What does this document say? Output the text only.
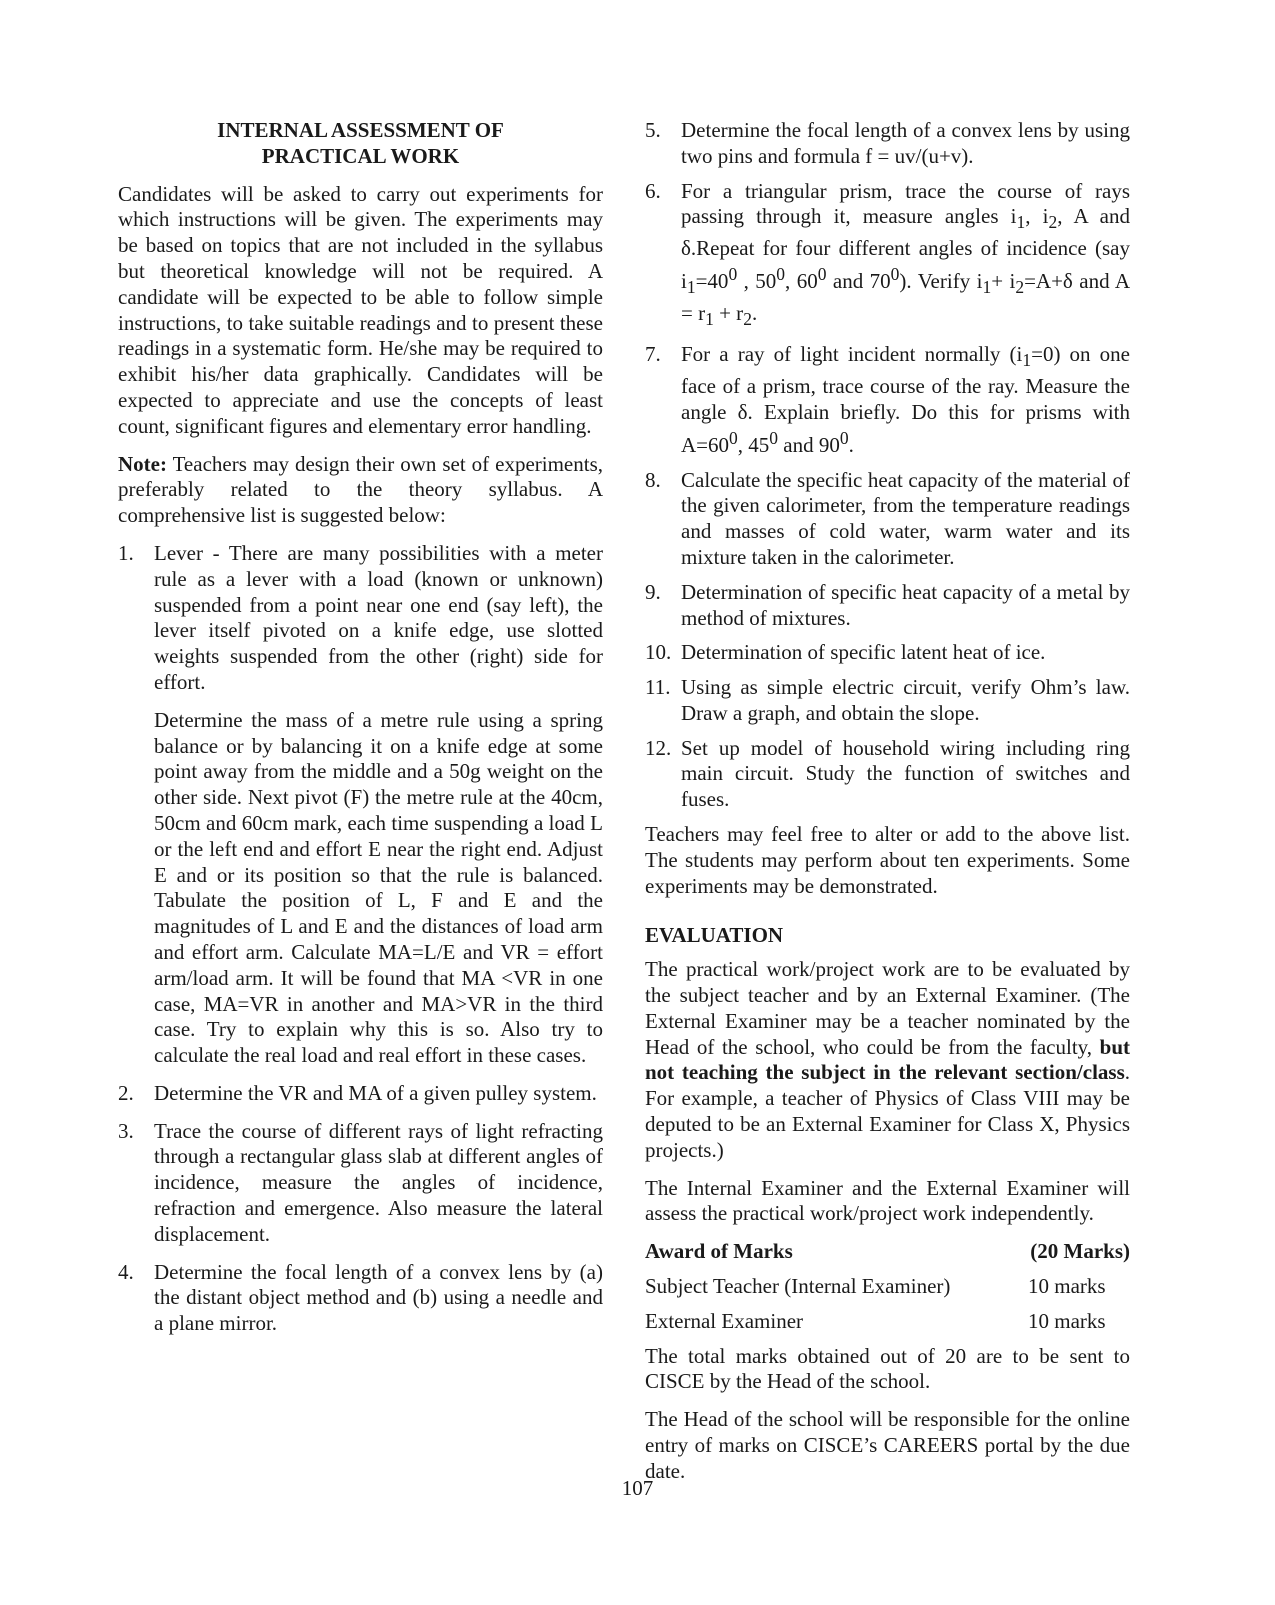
INTERNAL ASSESSMENT OF
PRACTICAL WORK

Candidates will be asked to carry out experiments for which instructions will be given. The experiments may be based on topics that are not included in the syllabus but theoretical knowledge will not be required. A candidate will be expected to be able to follow simple instructions, to take suitable readings and to present these readings in a systematic form. He/she may be required to exhibit his/her data graphically. Candidates will be expected to appreciate and use the concepts of least count, significant figures and elementary error handling.

Note: Teachers may design their own set of experiments, preferably related to the theory syllabus. A comprehensive list is suggested below:

1. Lever - There are many possibilities with a meter rule as a lever with a load (known or unknown) suspended from a point near one end (say left), the lever itself pivoted on a knife edge, use slotted weights suspended from the other (right) side for effort.
Determine the mass of a metre rule using a spring balance or by balancing it on a knife edge at some point away from the middle and a 50g weight on the other side. Next pivot (F) the metre rule at the 40cm, 50cm and 60cm mark, each time suspending a load L or the left end and effort E near the right end. Adjust E and or its position so that the rule is balanced. Tabulate the position of L, F and E and the magnitudes of L and E and the distances of load arm and effort arm. Calculate MA=L/E and VR = effort arm/load arm. It will be found that MA <VR in one case, MA=VR in another and MA>VR in the third case. Try to explain why this is so. Also try to calculate the real load and real effort in these cases.
2. Determine the VR and MA of a given pulley system.
3. Trace the course of different rays of light refracting through a rectangular glass slab at different angles of incidence, measure the angles of incidence, refraction and emergence. Also measure the lateral displacement.
4. Determine the focal length of a convex lens by (a) the distant object method and (b) using a needle and a plane mirror.
5. Determine the focal length of a convex lens by using two pins and formula f = uv/(u+v).
6. For a triangular prism, trace the course of rays passing through it, measure angles $i_1$, $i_2$, A and δ.Repeat for four different angles of incidence (say $i_1=40^0$ , $50^0$, $60^0$ and $70^0$). Verify $i_1+ i_2=A+\delta$ and $A = r_1 + r_2$.
7. For a ray of light incident normally $(i_1=0)$ on one face of a prism, trace course of the ray. Measure the angle δ. Explain briefly. Do this for prisms with $A=60^0$, $45^0$ and $90^0$.
8. Calculate the specific heat capacity of the material of the given calorimeter, from the temperature readings and masses of cold water, warm water and its mixture taken in the calorimeter.
9. Determination of specific heat capacity of a metal by method of mixtures.
10. Determination of specific latent heat of ice.
11. Using as simple electric circuit, verify Ohm’s law. Draw a graph, and obtain the slope.
12. Set up model of household wiring including ring main circuit. Study the function of switches and fuses.

Teachers may feel free to alter or add to the above list. The students may perform about ten experiments. Some experiments may be demonstrated.

EVALUATION

The practical work/project work are to be evaluated by the subject teacher and by an External Examiner. (The External Examiner may be a teacher nominated by the Head of the school, who could be from the faculty, but not teaching the subject in the relevant section/class. For example, a teacher of Physics of Class VIII may be deputed to be an External Examiner for Class X, Physics projects.)

The Internal Examiner and the External Examiner will assess the practical work/project work independently.

Award of Marks	(20 Marks)
Subject Teacher (Internal Examiner)	10 marks
External Examiner	10 marks

The total marks obtained out of 20 are to be sent to CISCE by the Head of the school.

The Head of the school will be responsible for the online entry of marks on CISCE’s CAREERS portal by the due date.

107
